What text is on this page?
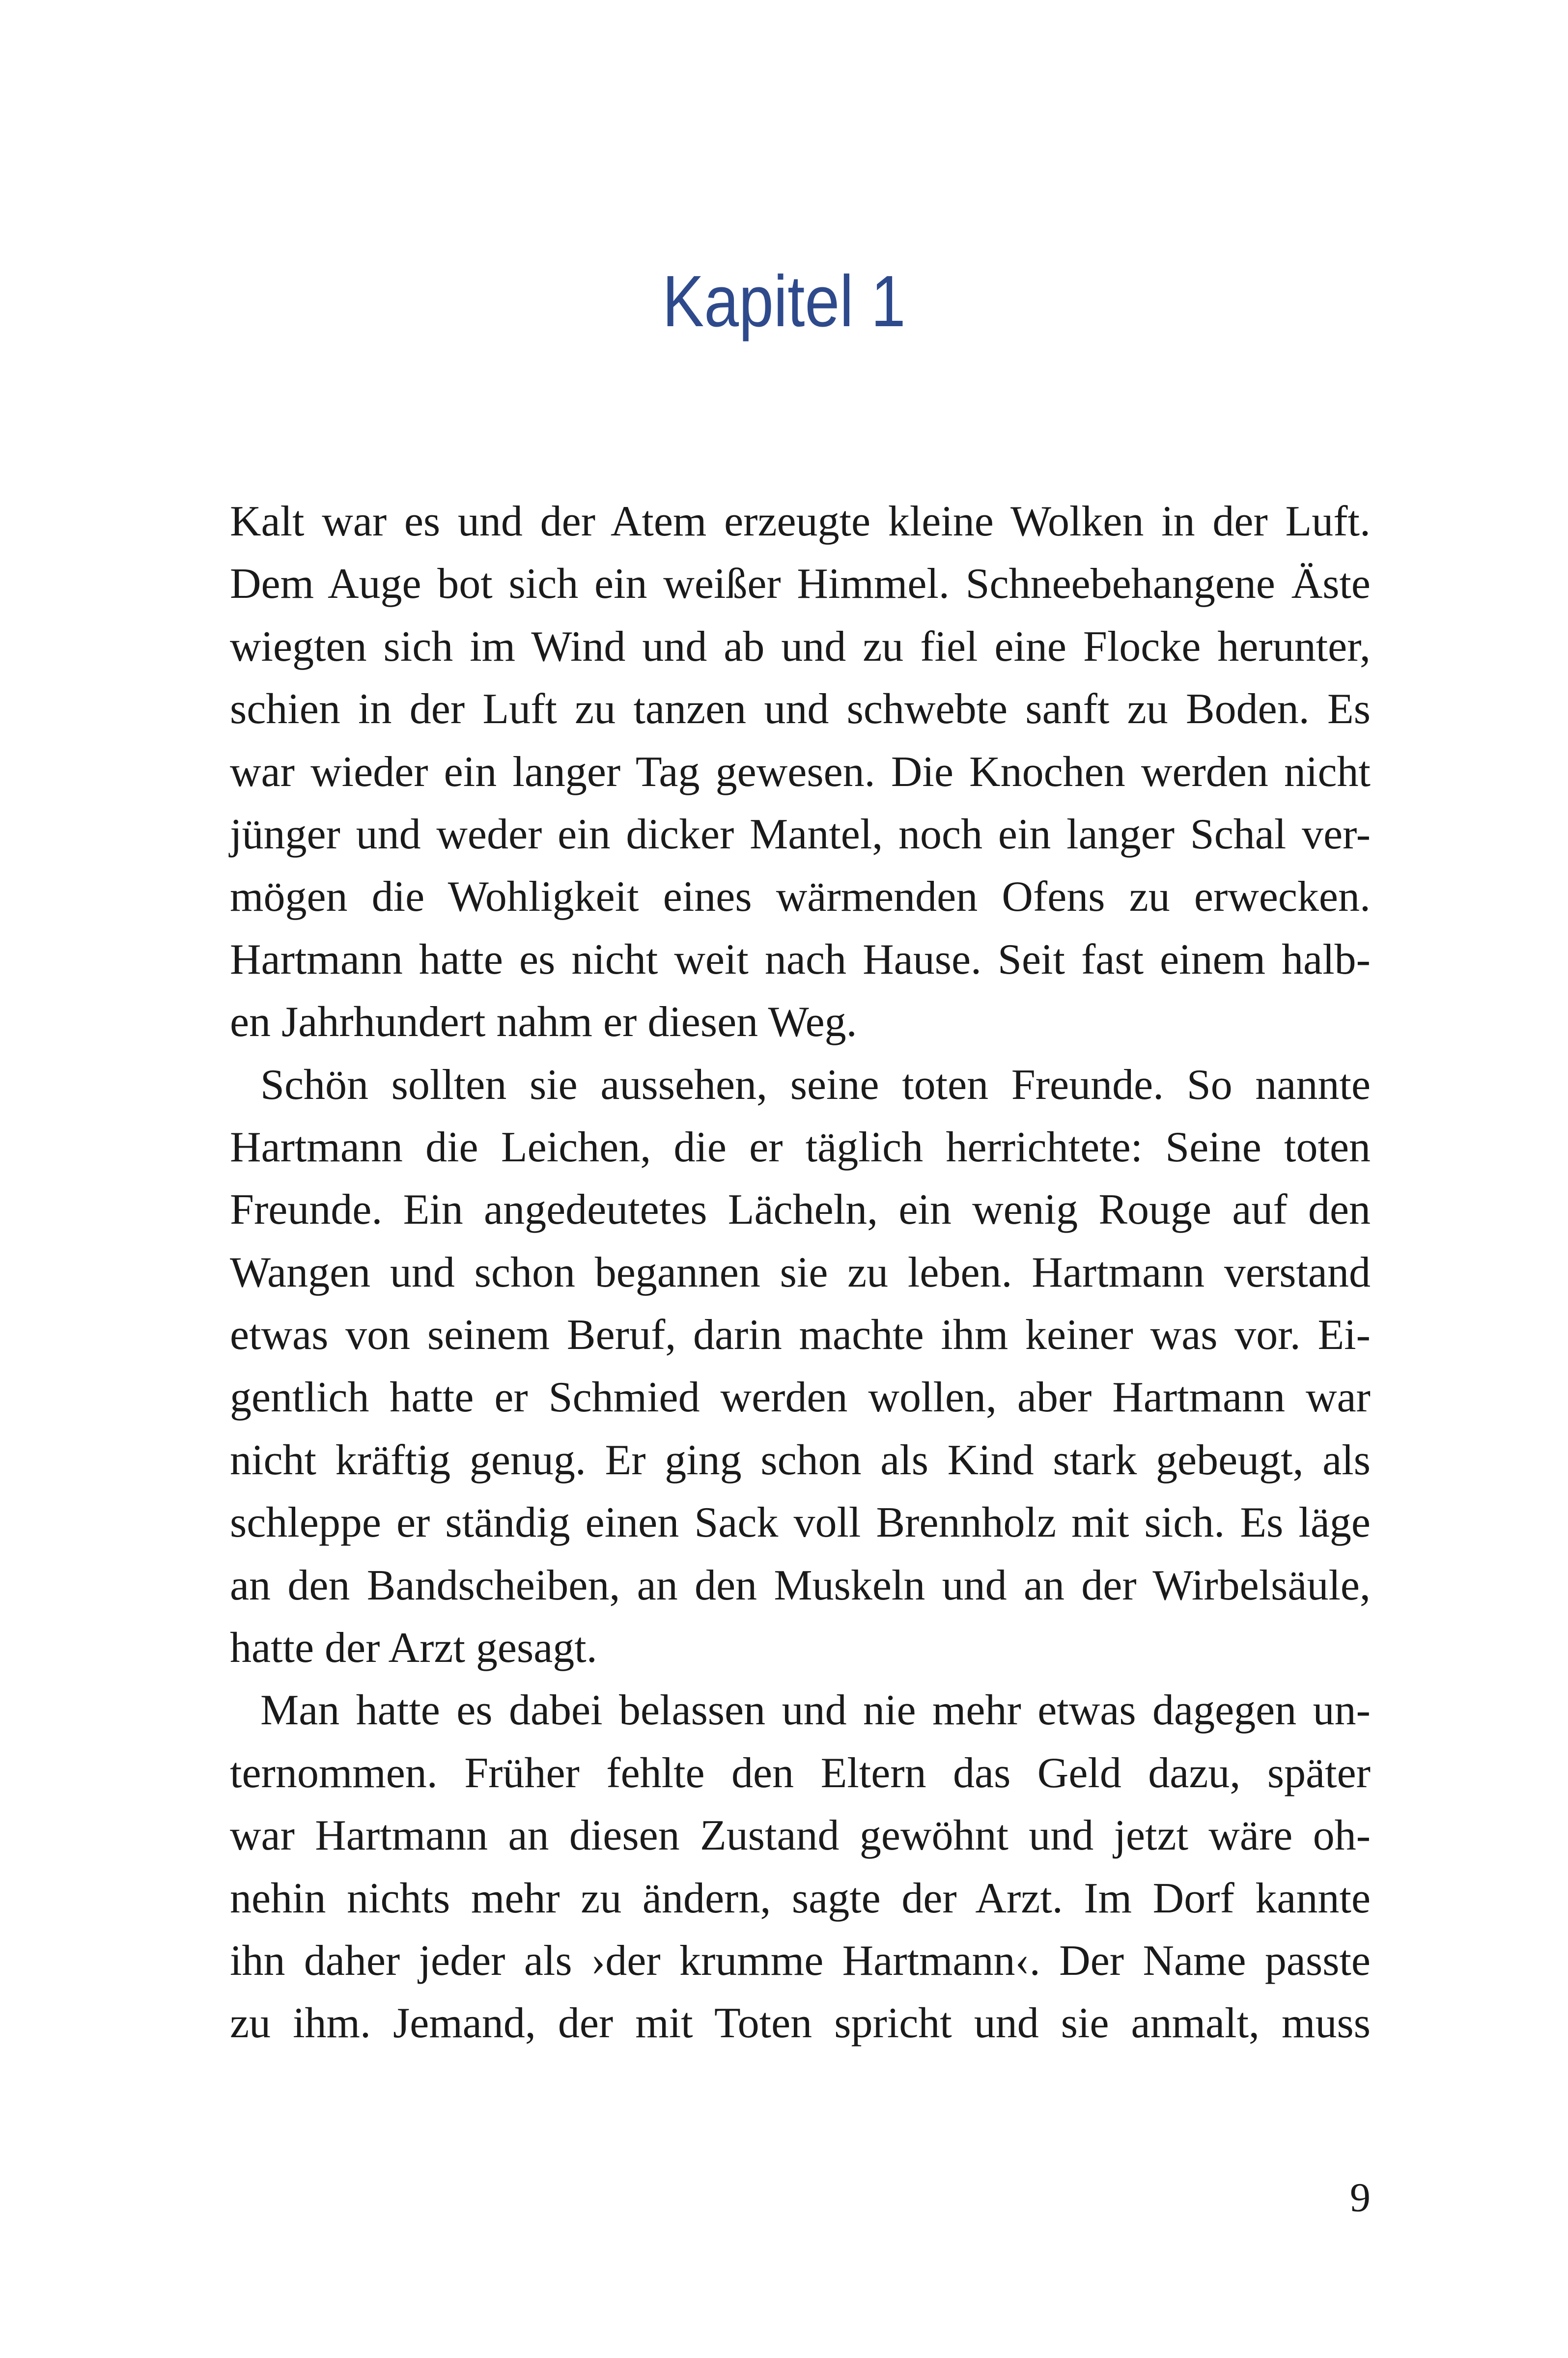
Kapitel 1
Kalt war es und der Atem erzeugte kleine Wolken in der Luft.
Dem Auge bot sich ein weißer Himmel. Schneebehangene Äste
wiegten sich im Wind und ab und zu fiel eine Flocke herunter,
schien in der Luft zu tanzen und schwebte sanft zu Boden. Es
war wieder ein langer Tag gewesen. Die Knochen werden nicht
jünger und weder ein dicker Mantel, noch ein langer Schal ver-
mögen die Wohligkeit eines wärmenden Ofens zu erwecken.
Hartmann hatte es nicht weit nach Hause. Seit fast einem halb-
en Jahrhundert nahm er diesen Weg.
Schön sollten sie aussehen, seine toten Freunde. So nannte
Hartmann die Leichen, die er täglich herrichtete: Seine toten
Freunde. Ein angedeutetes Lächeln, ein wenig Rouge auf den
Wangen und schon begannen sie zu leben. Hartmann verstand
etwas von seinem Beruf, darin machte ihm keiner was vor. Ei-
gentlich hatte er Schmied werden wollen, aber Hartmann war
nicht kräftig genug. Er ging schon als Kind stark gebeugt, als
schleppe er ständig einen Sack voll Brennholz mit sich. Es läge
an den Bandscheiben, an den Muskeln und an der Wirbelsäule,
hatte der Arzt gesagt.
Man hatte es dabei belassen und nie mehr etwas dagegen un-
ternommen. Früher fehlte den Eltern das Geld dazu, später
war Hartmann an diesen Zustand gewöhnt und jetzt wäre oh-
nehin nichts mehr zu ändern, sagte der Arzt. Im Dorf kannte
ihn daher jeder als ›der krumme Hartmann‹. Der Name passte
zu ihm. Jemand, der mit Toten spricht und sie anmalt, muss
9
